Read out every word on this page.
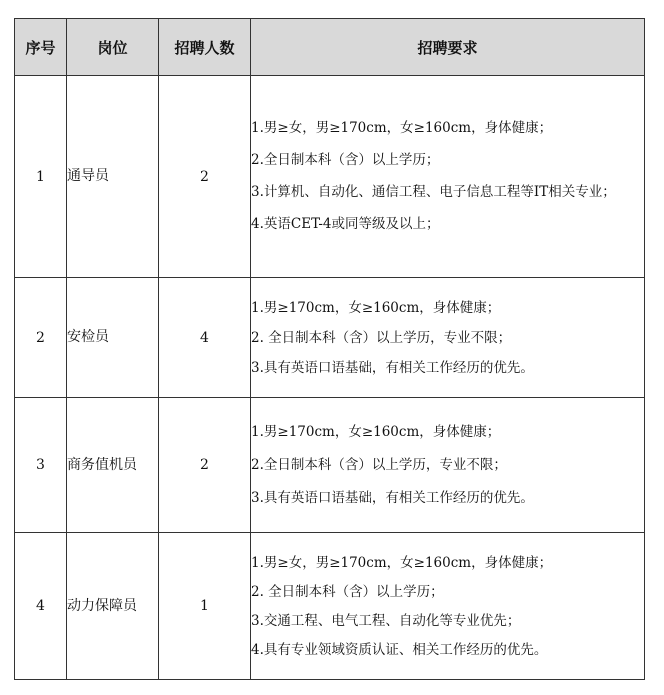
序号	岗位	招聘人数	招聘要求
1	通导员	2	1.男≥女，男≥170cm，女≥160cm，身体健康；

2.全日制本科（含）以上学历；

3.计算机、自动化、通信工程、电子信息工程等IT相关专业；

4.英语CET-4或同等级及以上；

2	安检员	4	1.男≥170cm，女≥160cm，身体健康；

2. 全日制本科（含）以上学历，专业不限；

3.具有英语口语基础，有相关工作经历的优先。

3	商务值机员	2	1.男≥170cm，女≥160cm，身体健康；

2.全日制本科（含）以上学历，专业不限；

3.具有英语口语基础，有相关工作经历的优先。

4	动力保障员	1	1.男≥女，男≥170cm，女≥160cm，身体健康；

2. 全日制本科（含）以上学历；

3.交通工程、电气工程、自动化等专业优先；

4.具有专业领域资质认证、相关工作经历的优先。
